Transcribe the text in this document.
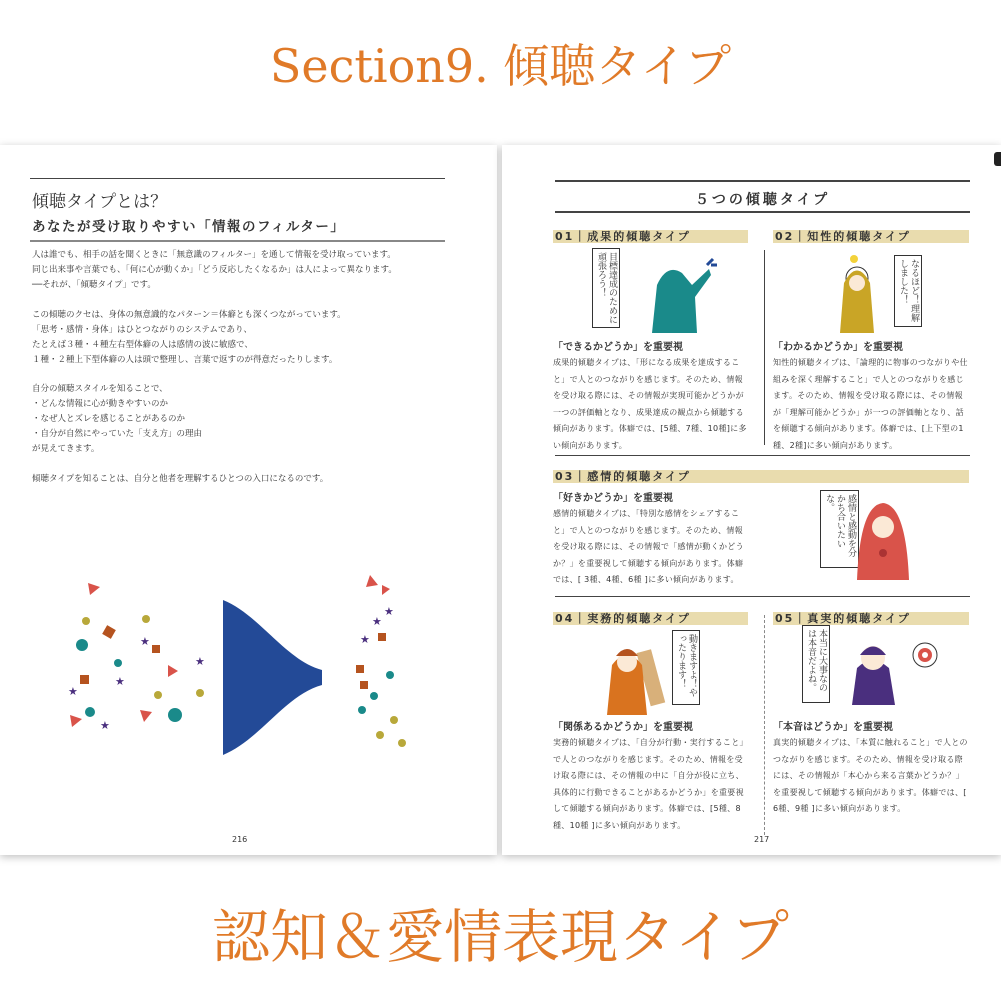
Section9. 傾聴タイプ
傾聴タイプとは？
あなたが受け取りやすい「情報のフィルター」
人は誰でも、相手の話を聞くときに「無意識のフィルター」を通して情報を受け取っています。
同じ出来事や言葉でも、「何に心が動くか」「どう反応したくなるか」は人によって異なります。
──それが、「傾聴タイプ」です。
この傾聴のクセは、身体の無意識的なパターン＝体癖とも深くつながっています。
「思考・感情・身体」はひとつながりのシステムであり、
たとえば３種・４種左右型体癖の人は感情の波に敏感で、
１種・２種上下型体癖の人は頭で整理し、言葉で返すのが得意だったりします。
自分の傾聴スタイルを知ることで、
・どんな情報に心が動きやすいのか
・なぜ人とズレを感じることがあるのか
・自分が自然にやっていた「支え方」の理由
が見えてきます。
傾聴タイプを知ることは、自分と他者を理解するひとつの入口になるのです。
★
★
★
★
★
★
★
★
216
５つの傾聴タイプ
01｜成果的傾聴タイプ
目標達成のために頑張ろう！
「できるかどうか」を重要視
成果的傾聴タイプは、「形になる成果を達成すること」で人とのつながりを感じます。そのため、情報を受け取る際には、その情報が実現可能かどうかが一つの評価軸となり、成果達成の観点から傾聴する傾向があります。体癖では、[5種、7種、10種]に多い傾向があります。
02｜知性的傾聴タイプ
なるほど！理解しました！
「わかるかどうか」を重要視
知性的傾聴タイプは、「論理的に物事のつながりや仕組みを深く理解すること」で人とのつながりを感じます。そのため、情報を受け取る際には、その情報が「理解可能かどうか」が一つの評価軸となり、話を傾聴する傾向があります。体癖では、[上下型の1種、2種]に多い傾向があります。
03｜感情的傾聴タイプ
「好きかどうか」を重要視
感情的傾聴タイプは、「特別な感情をシェアすること」で人とのつながりを感じます。そのため、情報を受け取る際には、その情報で「感情が動くかどうか？」を重要視して傾聴する傾向があります。体癖では、[ 3種、4種、6種 ]に多い傾向があります。
感情と感動を分かち合いたいな。
04｜実務的傾聴タイプ
動きますよ！やったります！
「関係あるかどうか」を重要視
実務的傾聴タイプは、「自分が行動・実行すること」で人とのつながりを感じます。そのため、情報を受け取る際には、その情報の中に「自分が役に立ち、具体的に行動できることがあるかどうか」を重要視して傾聴する傾向があります。体癖では、[5種、8種、10種 ]に多い傾向があります。
05｜真実的傾聴タイプ
本当に大事なのは本音だよね。
「本音はどうか」を重要視
真実的傾聴タイプは、「本質に触れること」で人とのつながりを感じます。そのため、情報を受け取る際には、その情報が「本心から来る言葉かどうか？」を重要視して傾聴する傾向があります。体癖では、[ 6種、9種 ]に多い傾向があります。
217
認知＆愛情表現タイプ
